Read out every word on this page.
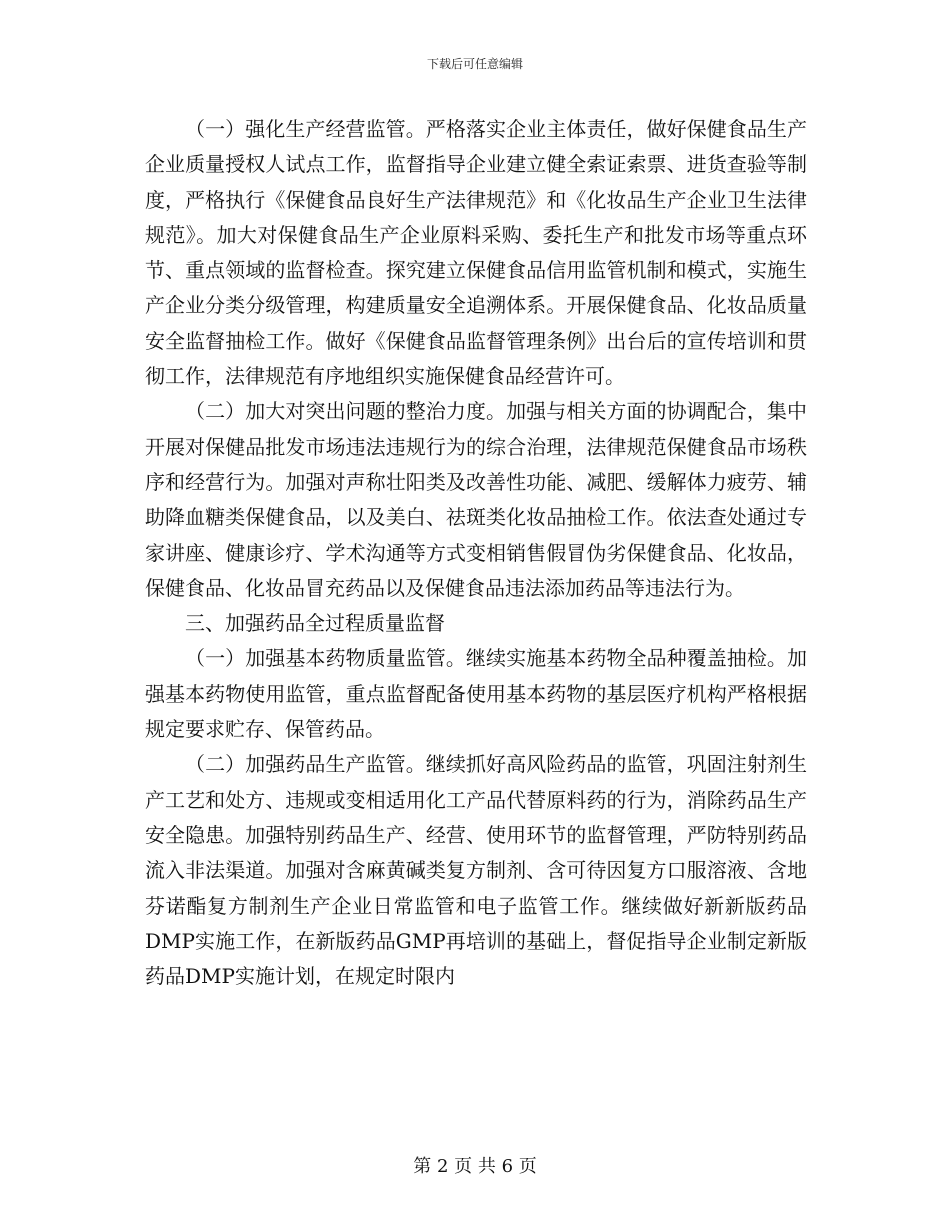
下载后可任意编辑

（一）强化生产经营监管。严格落实企业主体责任，做好保健食品生产企业质量授权人试点工作，监督指导企业建立健全索证索票、进货查验等制度，严格执行《保健食品良好生产法律规范》和《化妆品生产企业卫生法律规范》。加大对保健食品生产企业原料采购、委托生产和批发市场等重点环节、重点领域的监督检查。探究建立保健食品信用监管机制和模式，实施生产企业分类分级管理，构建质量安全追溯体系。开展保健食品、化妆品质量安全监督抽检工作。做好《保健食品监督管理条例》出台后的宣传培训和贯彻工作，法律规范有序地组织实施保健食品经营许可。

（二）加大对突出问题的整治力度。加强与相关方面的协调配合，集中开展对保健品批发市场违法违规行为的综合治理，法律规范保健食品市场秩序和经营行为。加强对声称壮阳类及改善性功能、减肥、缓解体力疲劳、辅助降血糖类保健食品，以及美白、祛斑类化妆品抽检工作。依法查处通过专家讲座、健康诊疗、学术沟通等方式变相销售假冒伪劣保健食品、化妆品，保健食品、化妆品冒充药品以及保健食品违法添加药品等违法行为。

三、加强药品全过程质量监督

（一）加强基本药物质量监管。继续实施基本药物全品种覆盖抽检。加强基本药物使用监管，重点监督配备使用基本药物的基层医疗机构严格根据规定要求贮存、保管药品。

（二）加强药品生产监管。继续抓好高风险药品的监管，巩固注射剂生产工艺和处方、违规或变相适用化工产品代替原料药的行为，消除药品生产安全隐患。加强特别药品生产、经营、使用环节的监督管理，严防特别药品流入非法渠道。加强对含麻黄碱类复方制剂、含可待因复方口服溶液、含地芬诺酯复方制剂生产企业日常监管和电子监管工作。继续做好新新版药品DMP实施工作，在新版药品GMP再培训的基础上，督促指导企业制定新版药品DMP实施计划，在规定时限内

第 2 页 共 6 页
